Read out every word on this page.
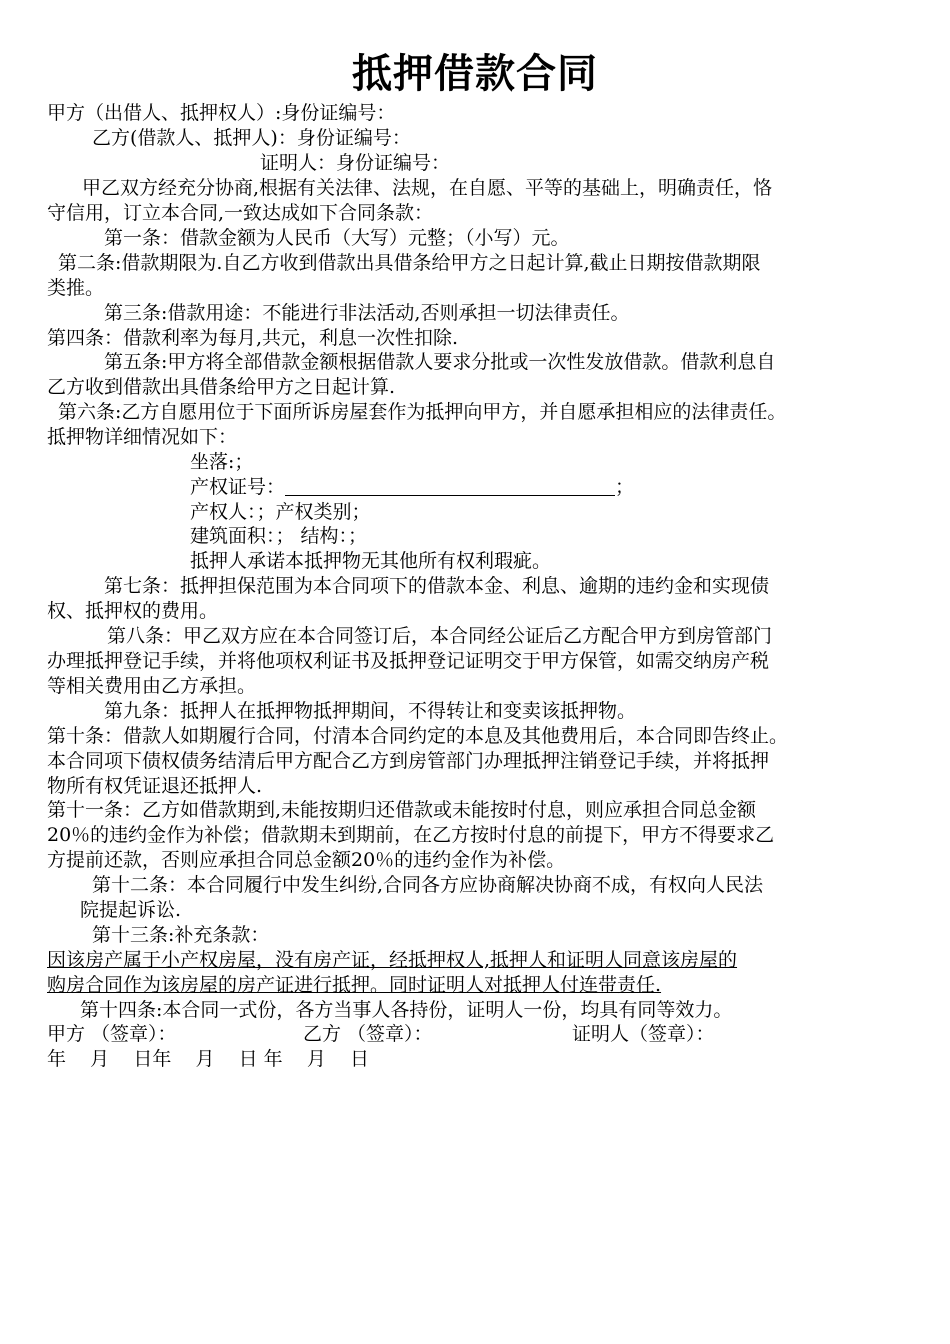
抵押借款合同
甲方（出借人、抵押权人）:身份证编号：
乙方(借款人、抵押人)：身份证编号：
证明人：身份证编号：
甲乙双方经充分协商,根据有关法律、法规，在自愿、平等的基础上，明确责任，恪
守信用，订立本合同,一致达成如下合同条款：
第一条：借款金额为人民币（大写）元整；（小写）元。
第二条:借款期限为.自乙方收到借款出具借条给甲方之日起计算,截止日期按借款期限
类推。
第三条:借款用途：不能进行非法活动,否则承担一切法律责任。
第四条：借款利率为每月,共元，利息一次性扣除.
第五条:甲方将全部借款金额根据借款人要求分批或一次性发放借款。借款利息自
乙方收到借款出具借条给甲方之日起计算.
第六条:乙方自愿用位于下面所诉房屋套作为抵押向甲方，并自愿承担相应的法律责任。
抵押物详细情况如下：
坐落:；
产权证号：	；
产权人：；产权类别；
建筑面积：； 结构：；
抵押人承诺本抵押物无其他所有权利瑕疵。
第七条：抵押担保范围为本合同项下的借款本金、利息、逾期的违约金和实现债
权、抵押权的费用。
第八条：甲乙双方应在本合同签订后，本合同经公证后乙方配合甲方到房管部门
办理抵押登记手续，并将他项权利证书及抵押登记证明交于甲方保管，如需交纳房产税
等相关费用由乙方承担。
第九条：抵押人在抵押物抵押期间，不得转让和变卖该抵押物。
第十条：借款人如期履行合同，付清本合同约定的本息及其他费用后，本合同即告终止。
本合同项下债权债务结清后甲方配合乙方到房管部门办理抵押注销登记手续，并将抵押
物所有权凭证退还抵押人.
第十一条：乙方如借款期到,未能按期归还借款或未能按时付息，则应承担合同总金额
20％的违约金作为补偿；借款期未到期前，在乙方按时付息的前提下，甲方不得要求乙
方提前还款，否则应承担合同总金额20％的违约金作为补偿。
第十二条：本合同履行中发生纠纷,合同各方应协商解决协商不成，有权向人民法
院提起诉讼.
第十三条:补充条款：
因该房产属于小产权房屋，没有房产证，经抵押权人,抵押人和证明人同意该房屋的
购房合同作为该房屋的房产证进行抵押。同时证明人对抵押人付连带责任.
第十四条:本合同一式份，各方当事人各持份，证明人一份，均具有同等效力。
甲方 （签章）：	乙方 （签章）：	证明人（签章）：
年    月    日年    月    日 年    月    日
